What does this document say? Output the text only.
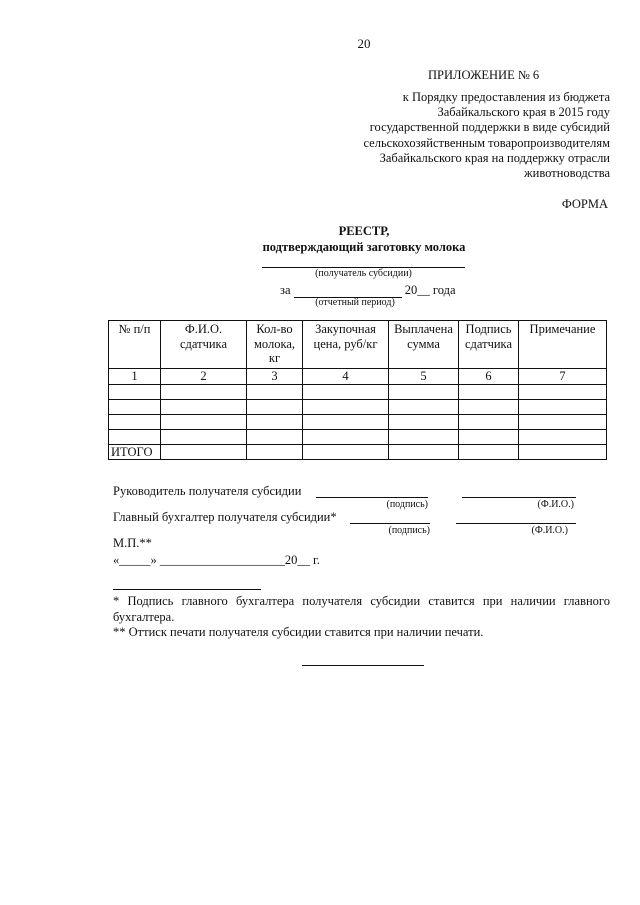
20
ПРИЛОЖЕНИЕ № 6
к Порядку предоставления из бюджета
Забайкальского края в 2015 году
государственной поддержки в виде субсидий
сельскохозяйственным товаропроизводителям
Забайкальского края на поддержку отрасли
животноводства
ФОРМА
РЕЕСТР,
подтверждающий заготовку молока
(получатель субсидии)
за	20__ года
(отчетный период)
№ п/п	Ф.И.О. сдатчика	Кол-во молока, кг	Закупочная цена, руб/кг	Выплачена сумма	Подпись сдатчика	Примечание
1	2	3	4	5	6	7

ИТОГО						
Руководитель получателя субсидии
(подпись)	(Ф.И.О.)
Главный бухгалтер получателя субсидии*
(подпись)	(Ф.И.О.)
М.П.**
«_____» ____________________20__ г.
* Подпись главного бухгалтера получателя субсидии ставится при наличии главного бухгалтера.
** Оттиск печати получателя субсидии ставится при наличии печати.
